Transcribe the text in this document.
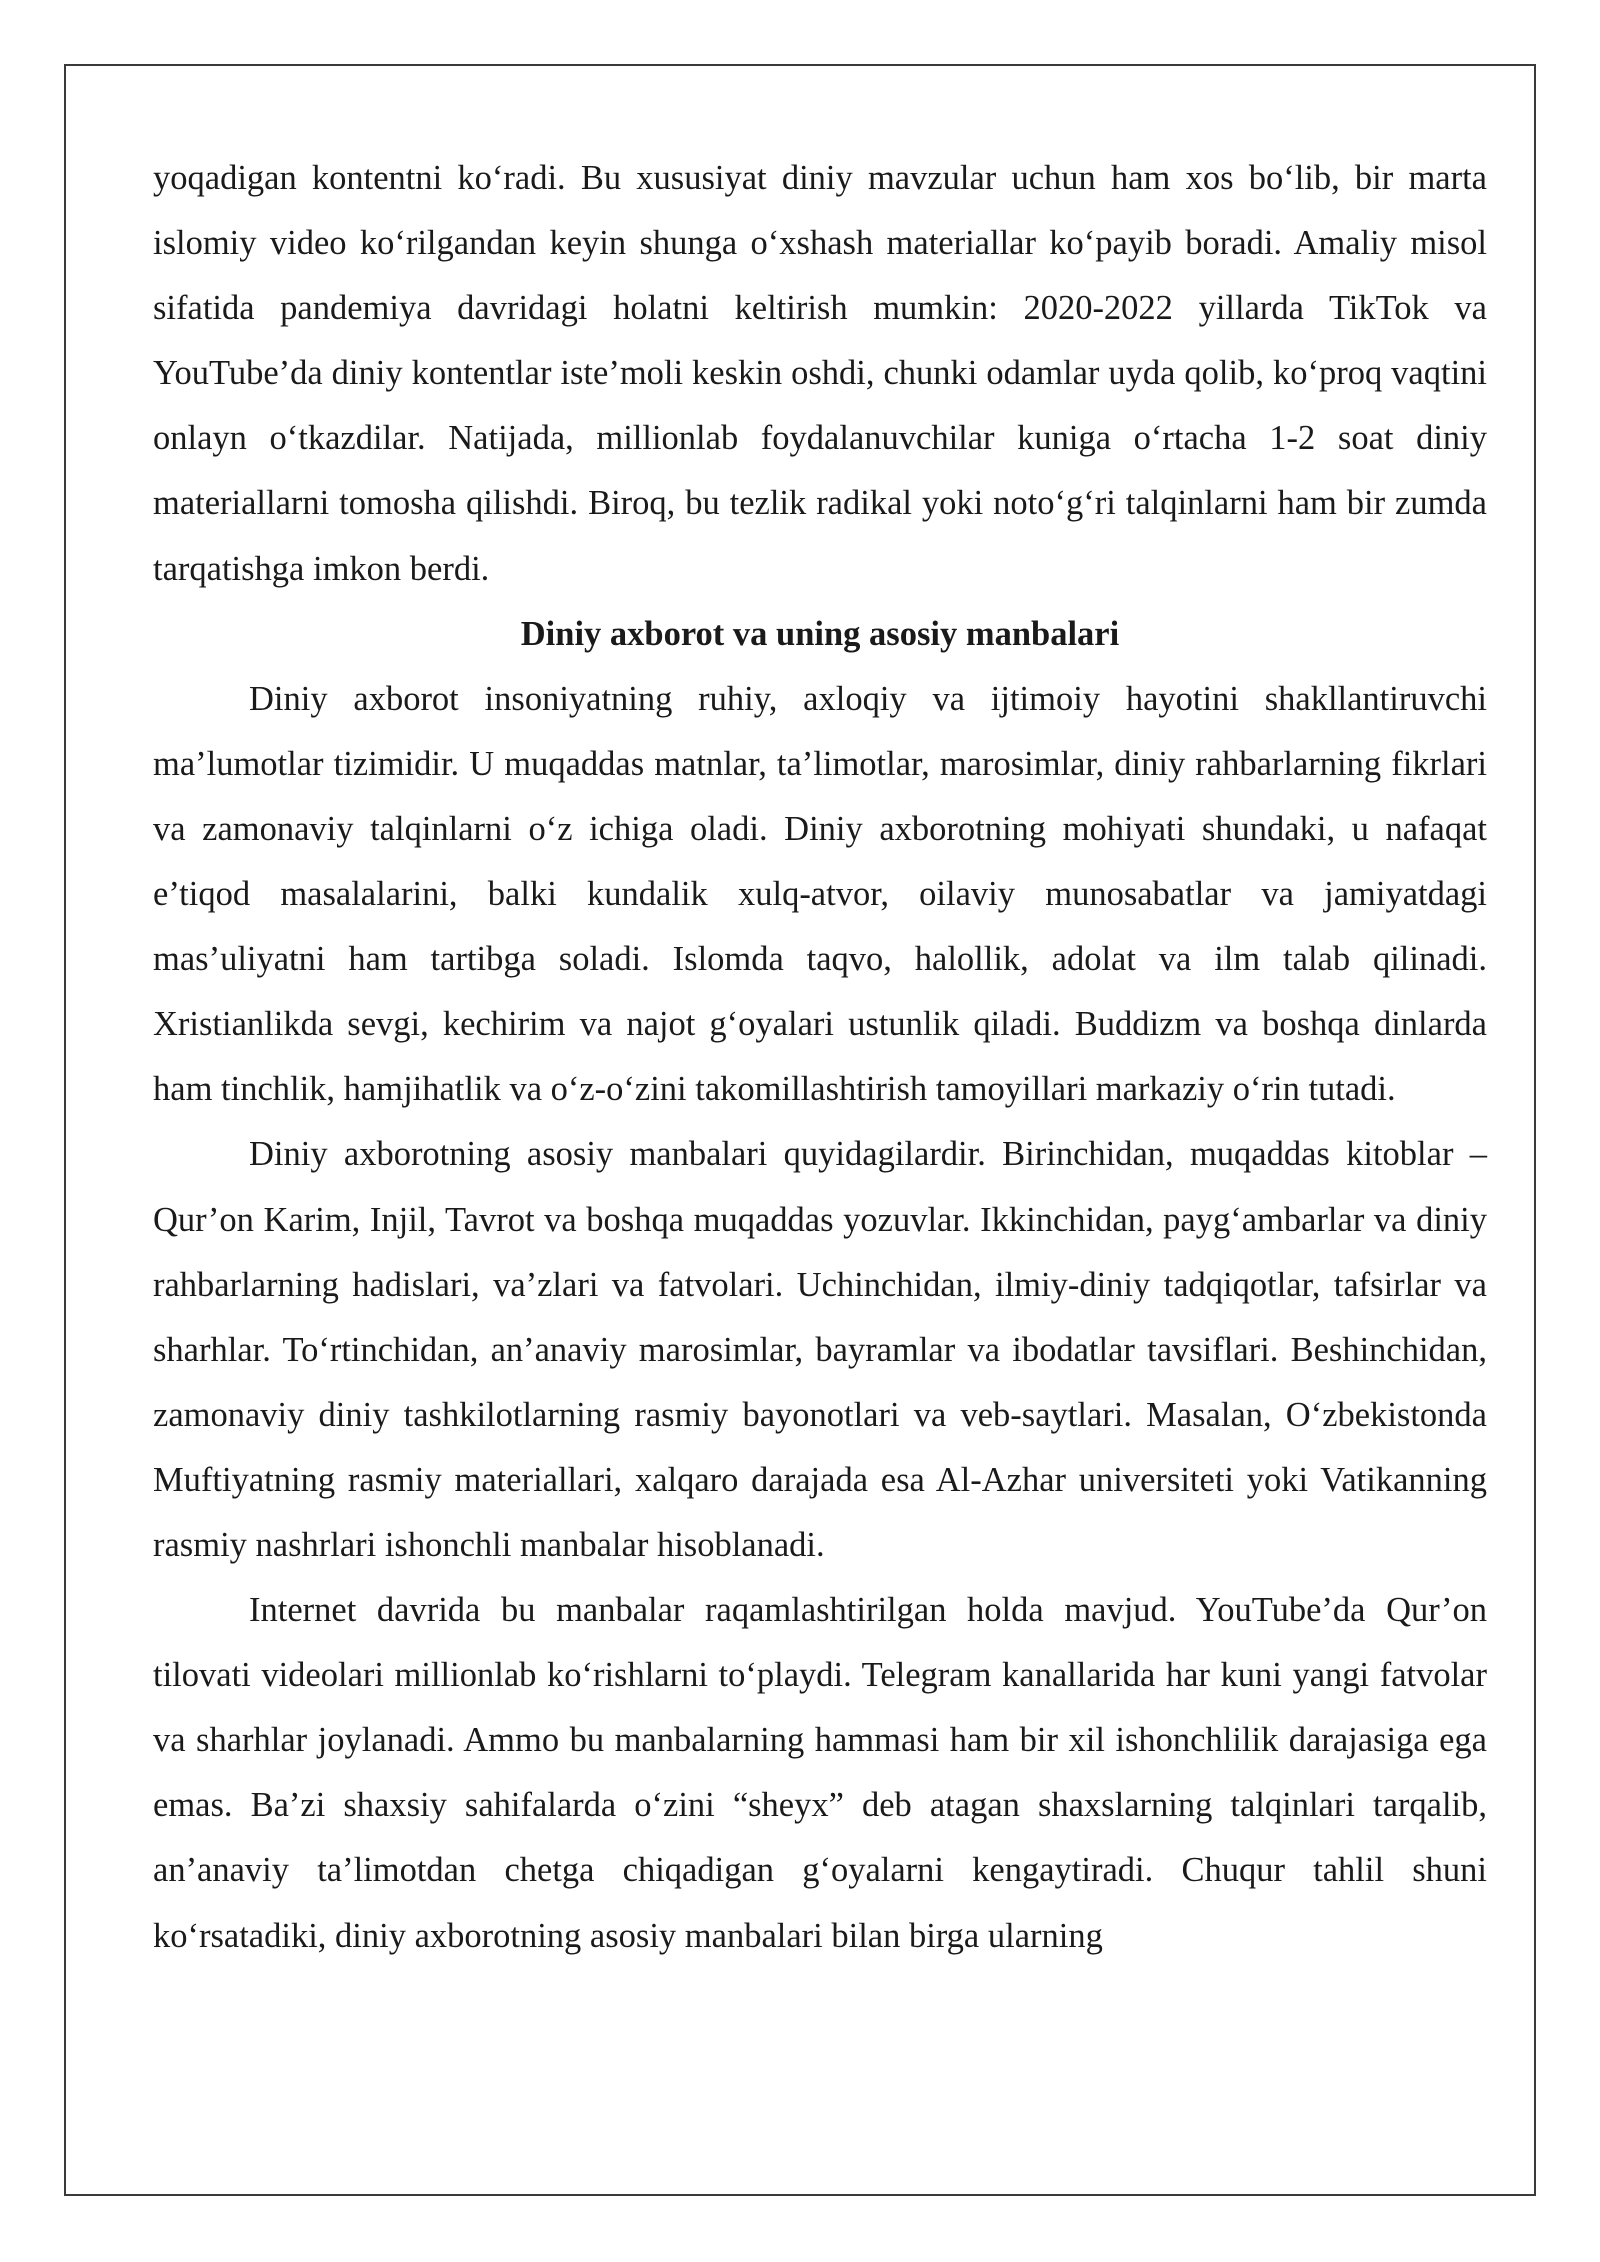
yoqadigan kontentni ko‘radi. Bu xususiyat diniy mavzular uchun ham xos bo‘lib, bir marta islomiy video ko‘rilgandan keyin shunga o‘xshash materiallar ko‘payib boradi. Amaliy misol sifatida pandemiya davridagi holatni keltirish mumkin: 2020-2022 yillarda TikTok va YouTube’da diniy kontentlar iste’moli keskin oshdi, chunki odamlar uyda qolib, ko‘proq vaqtini onlayn o‘tkazdilar. Natijada, millionlab foydalanuvchilar kuniga o‘rtacha 1-2 soat diniy materiallarni tomosha qilishdi. Biroq, bu tezlik radikal yoki noto‘g‘ri talqinlarni ham bir zumda tarqatishga imkon berdi.

Diniy axborot va uning asosiy manbalari

Diniy axborot insoniyatning ruhiy, axloqiy va ijtimoiy hayotini shakllantiruvchi ma’lumotlar tizimidir. U muqaddas matnlar, ta’limotlar, marosimlar, diniy rahbarlarning fikrlari va zamonaviy talqinlarni o‘z ichiga oladi. Diniy axborotning mohiyati shundaki, u nafaqat e’tiqod masalalarini, balki kundalik xulq-atvor, oilaviy munosabatlar va jamiyatdagi mas’uliyatni ham tartibga soladi. Islomda taqvo, halollik, adolat va ilm talab qilinadi. Xristianlikda sevgi, kechirim va najot g‘oyalari ustunlik qiladi. Buddizm va boshqa dinlarda ham tinchlik, hamjihatlik va o‘z-o‘zini takomillashtirish tamoyillari markaziy o‘rin tutadi.

Diniy axborotning asosiy manbalari quyidagilardir. Birinchidan, muqaddas kitoblar – Qur’on Karim, Injil, Tavrot va boshqa muqaddas yozuvlar. Ikkinchidan, payg‘ambarlar va diniy rahbarlarning hadislari, va’zlari va fatvolari. Uchinchidan, ilmiy-diniy tadqiqotlar, tafsirlar va sharhlar. To‘rtinchidan, an’anaviy marosimlar, bayramlar va ibodatlar tavsiflari. Beshinchidan, zamonaviy diniy tashkilotlarning rasmiy bayonotlari va veb-saytlari. Masalan, O‘zbekistonda Muftiyatning rasmiy materiallari, xalqaro darajada esa Al-Azhar universiteti yoki Vatikanning rasmiy nashrlari ishonchli manbalar hisoblanadi.

Internet davrida bu manbalar raqamlashtirilgan holda mavjud. YouTube’da Qur’on tilovati videolari millionlab ko‘rishlarni to‘playdi. Telegram kanallarida har kuni yangi fatvolar va sharhlar joylanadi. Ammo bu manbalarning hammasi ham bir xil ishonchlilik darajasiga ega emas. Ba’zi shaxsiy sahifalarda o‘zini “sheyx” deb atagan shaxslarning talqinlari tarqalib, an’anaviy ta’limotdan chetga chiqadigan g‘oyalarni kengaytiradi. Chuqur tahlil shuni ko‘rsatadiki, diniy axborotning asosiy manbalari bilan birga ularning
